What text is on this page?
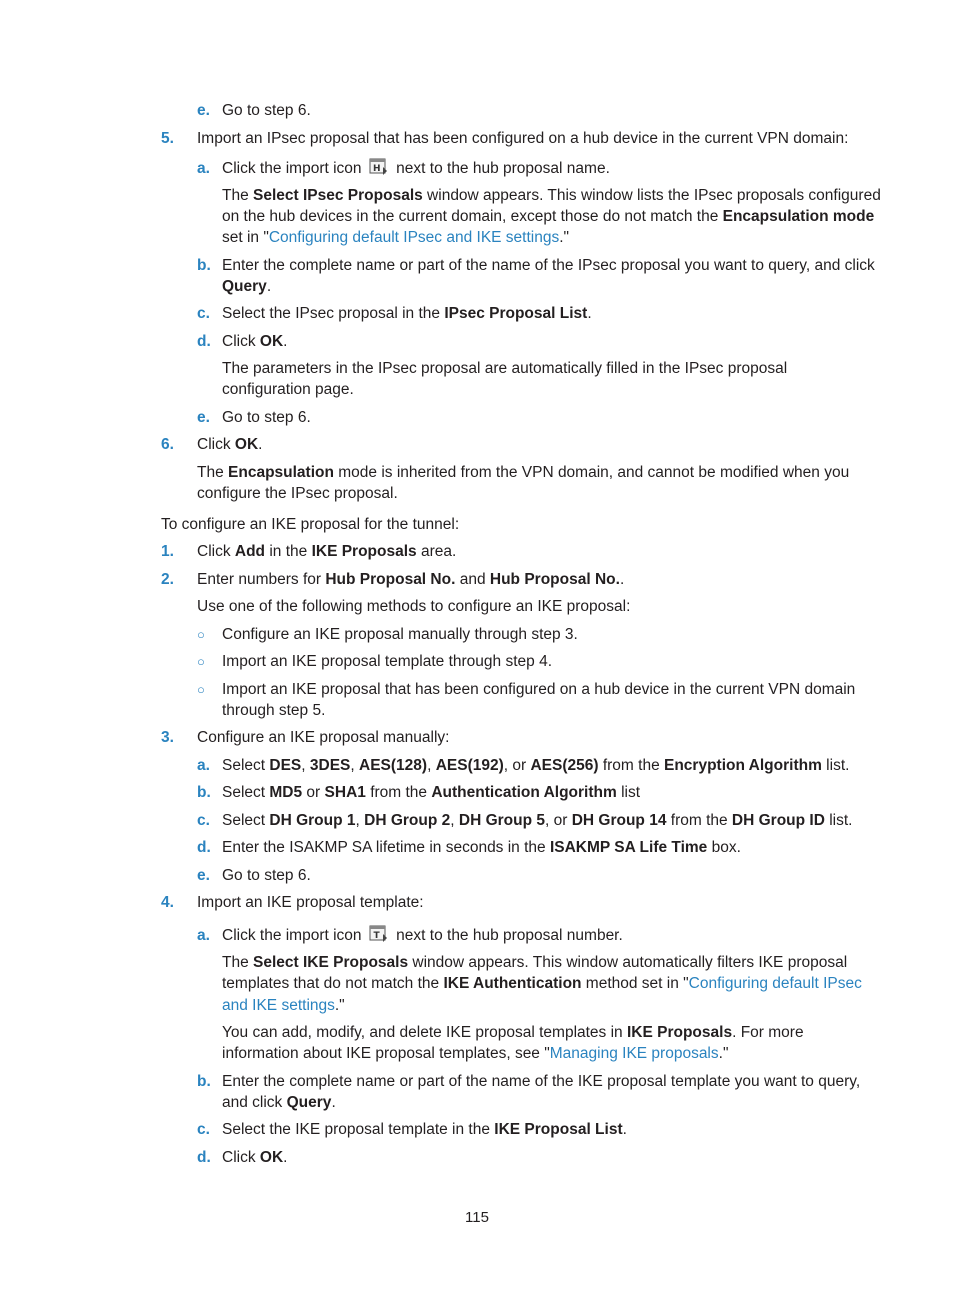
e. Go to step 6.
5. Import an IPsec proposal that has been configured on a hub device in the current VPN domain:
a. Click the import icon H next to the hub proposal name.
The Select IPsec Proposals window appears. This window lists the IPsec proposals configured
on the hub devices in the current domain, except those do not match the Encapsulation mode
set in "Configuring default IPsec and IKE settings."
b. Enter the complete name or part of the name of the IPsec proposal you want to query, and click
Query.
c. Select the IPsec proposal in the IPsec Proposal List.
d. Click OK.
The parameters in the IPsec proposal are automatically filled in the IPsec proposal
configuration page.
e. Go to step 6.
6. Click OK.
The Encapsulation mode is inherited from the VPN domain, and cannot be modified when you
configure the IPsec proposal.
To configure an IKE proposal for the tunnel:
1. Click Add in the IKE Proposals area.
2. Enter numbers for Hub Proposal No. and Hub Proposal No..
Use one of the following methods to configure an IKE proposal:
○ Configure an IKE proposal manually through step 3.
○ Import an IKE proposal template through step 4.
○ Import an IKE proposal that has been configured on a hub device in the current VPN domain
through step 5.
3. Configure an IKE proposal manually:
a. Select DES, 3DES, AES(128), AES(192), or AES(256) from the Encryption Algorithm list.
b. Select MD5 or SHA1 from the Authentication Algorithm list
c. Select DH Group 1, DH Group 2, DH Group 5, or DH Group 14 from the DH Group ID list.
d. Enter the ISAKMP SA lifetime in seconds in the ISAKMP SA Life Time box.
e. Go to step 6.
4. Import an IKE proposal template:
a. Click the import icon T next to the hub proposal number.
The Select IKE Proposals window appears. This window automatically filters IKE proposal
templates that do not match the IKE Authentication method set in "Configuring default IPsec
and IKE settings."
You can add, modify, and delete IKE proposal templates in IKE Proposals. For more
information about IKE proposal templates, see "Managing IKE proposals."
b. Enter the complete name or part of the name of the IKE proposal template you want to query,
and click Query.
c. Select the IKE proposal template in the IKE Proposal List.
d. Click OK.
115
